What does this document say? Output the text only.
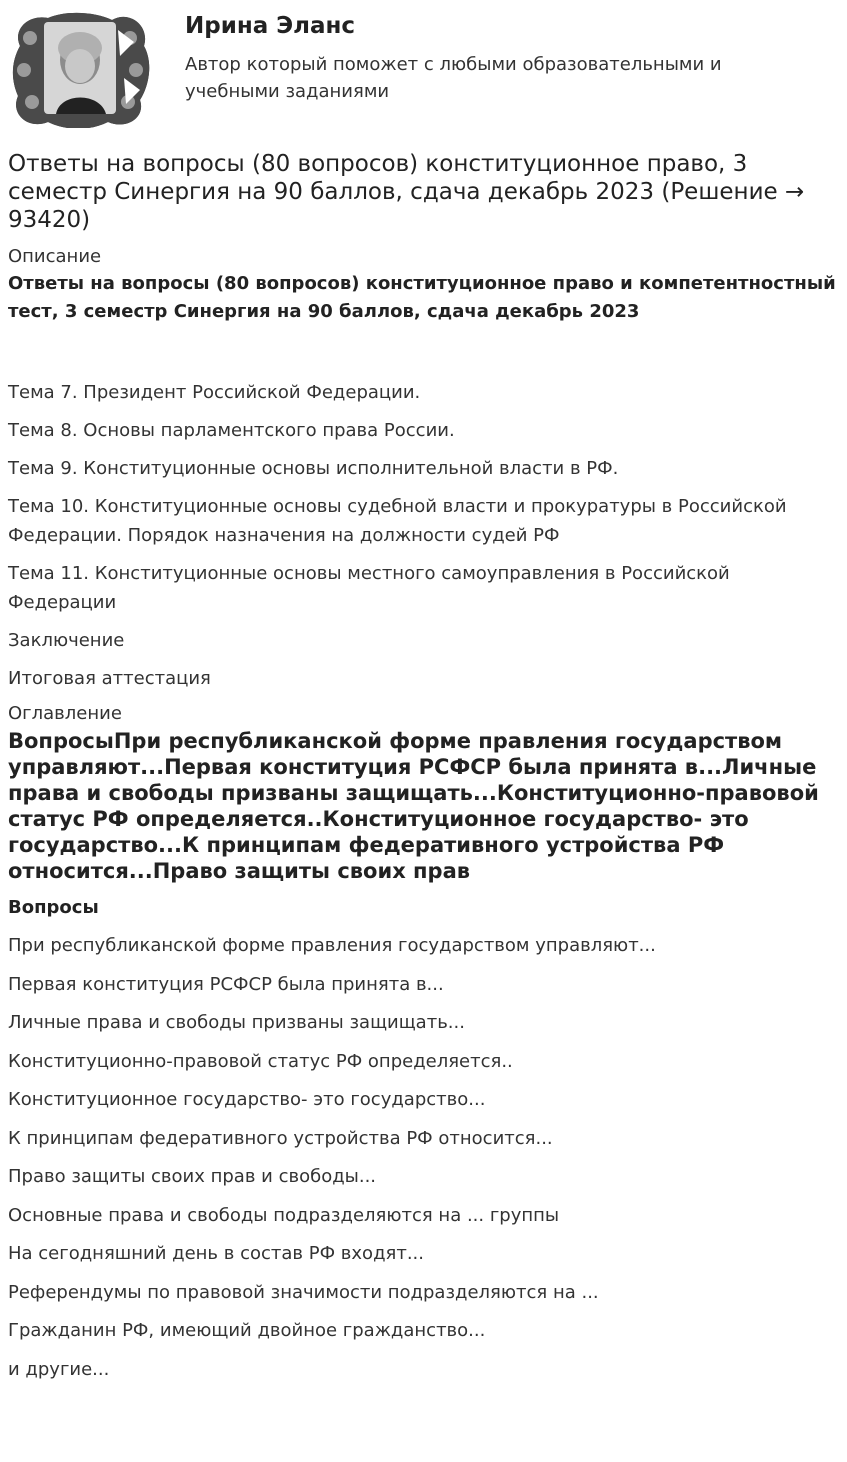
Ирина Эланс
Автор который поможет с любыми образовательными и учебными заданиями
Ответы на вопросы (80 вопросов) конституционное право, 3 семестр Синергия на 90 баллов, сдача декабрь 2023 (Решение → 93420)
Описание
Ответы на вопросы (80 вопросов) конституционное право и компетентностный тест, 3 семестр Синергия на 90 баллов, сдача декабрь 2023

Тема 7. Президент Российской Федерации.

Тема 8. Основы парламентского права России.

Тема 9. Конституционные основы исполнительной власти в РФ.

Тема 10. Конституционные основы судебной власти и прокуратуры в Российской Федерации. Порядок назначения на должности судей РФ

Тема 11. Конституционные основы местного самоуправления в Российской Федерации

Заключение

Итоговая аттестация

Оглавление
ВопросыПри республиканской форме правления государством управляют...Первая конституция РСФСР была принята в...Личные права и свободы призваны защищать...Конституционно-правовой статус РФ определяется..Конституционное государство- это государство...К принципам федеративного устройства РФ относится...Право защиты своих прав
Вопросы

При республиканской форме правления государством управляют...

Первая конституция РСФСР была принята в...

Личные права и свободы призваны защищать...

Конституционно-правовой статус РФ определяется..

Конституционное государство- это государство...

К принципам федеративного устройства РФ относится...

Право защиты своих прав и свободы...

Основные права и свободы подразделяются на ... группы

На сегодняшний день в состав РФ входят...

Референдумы по правовой значимости подразделяются на ...

Гражданин РФ, имеющий двойное гражданство...

и другие...
